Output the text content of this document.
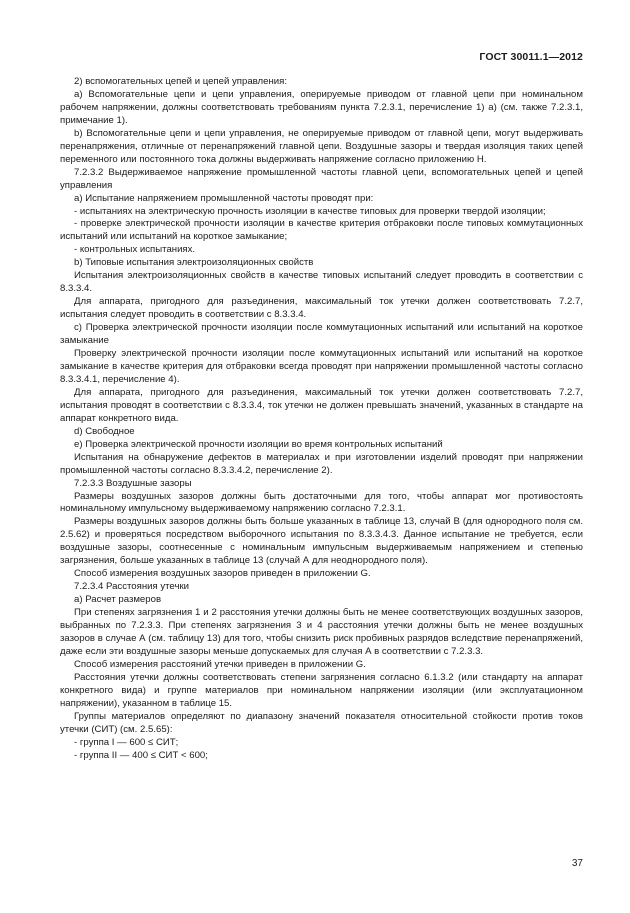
ГОСТ 30011.1—2012

2) вспомогательных цепей и цепей управления:

а) Вспомогательные цепи и цепи управления, оперируемые приводом от главной цепи при номинальном рабочем напряжении, должны соответствовать требованиям пункта 7.2.3.1, перечисление 1) а) (см. также 7.2.3.1, примечание 1).

b) Вспомогательные цепи и цепи управления, не оперируемые приводом от главной цепи, могут выдерживать перенапряжения, отличные от перенапряжений главной цепи. Воздушные зазоры и твердая изоляция таких цепей переменного или постоянного тока должны выдерживать напряжение согласно приложению Н.

7.2.3.2 Выдерживаемое напряжение промышленной частоты главной цепи, вспомогательных цепей и цепей управления

а) Испытание напряжением промышленной частоты проводят при:

- испытаниях на электрическую прочность изоляции в качестве типовых для проверки твердой изоляции;

- проверке электрической прочности изоляции в качестве критерия отбраковки после типовых коммутационных испытаний или испытаний на короткое замыкание;

- контрольных испытаниях.

b) Типовые испытания электроизоляционных свойств

Испытания электроизоляционных свойств в качестве типовых испытаний следует проводить в соответствии с 8.3.3.4.

Для аппарата, пригодного для разъединения, максимальный ток утечки должен соответствовать 7.2.7, испытания следует проводить в соответствии с 8.3.3.4.

с) Проверка электрической прочности изоляции после коммутационных испытаний или испытаний на короткое замыкание

Проверку электрической прочности изоляции после коммутационных испытаний или испытаний на короткое замыкание в качестве критерия для отбраковки всегда проводят при напряжении промышленной частоты согласно 8.3.3.4.1, перечисление 4).

Для аппарата, пригодного для разъединения, максимальный ток утечки должен соответствовать 7.2.7, испытания проводят в соответствии с 8.3.3.4, ток утечки не должен превышать значений, указанных в стандарте на аппарат конкретного вида.

d) Свободное

е) Проверка электрической прочности изоляции во время контрольных испытаний

Испытания на обнаружение дефектов в материалах и при изготовлении изделий проводят при напряжении промышленной частоты согласно 8.3.3.4.2, перечисление 2).

7.2.3.3 Воздушные зазоры

Размеры воздушных зазоров должны быть достаточными для того, чтобы аппарат мог противостоять номинальному импульсному выдерживаемому напряжению согласно 7.2.3.1.

Размеры воздушных зазоров должны быть больше указанных в таблице 13, случай В (для однородного поля см. 2.5.62) и проверяться посредством выборочного испытания по 8.3.3.4.3. Данное испытание не требуется, если воздушные зазоры, соотнесенные с номинальным импульсным выдерживаемым напряжением и степенью загрязнения, больше указанных в таблице 13 (случай А для неоднородного поля).

Способ измерения воздушных зазоров приведен в приложении G.

7.2.3.4 Расстояния утечки

а) Расчет размеров

При степенях загрязнения 1 и 2 расстояния утечки должны быть не менее соответствующих воздушных зазоров, выбранных по 7.2.3.3. При степенях загрязнения 3 и 4 расстояния утечки должны быть не менее воздушных зазоров в случае А (см. таблицу 13) для того, чтобы снизить риск пробивных разрядов вследствие перенапряжений, даже если эти воздушные зазоры меньше допускаемых для случая А в соответствии с 7.2.3.3.

Способ измерения расстояний утечки приведен в приложении G.

Расстояния утечки должны соответствовать степени загрязнения согласно 6.1.3.2 (или стандарту на аппарат конкретного вида) и группе материалов при номинальном напряжении изоляции (или эксплуатационном напряжении), указанном в таблице 15.

Группы материалов определяют по диапазону значений показателя относительной стойкости против токов утечки (СИТ) (см. 2.5.65):

- группа I — 600 ≤ СИТ;

- группа II — 400 ≤ СИТ < 600;

37
